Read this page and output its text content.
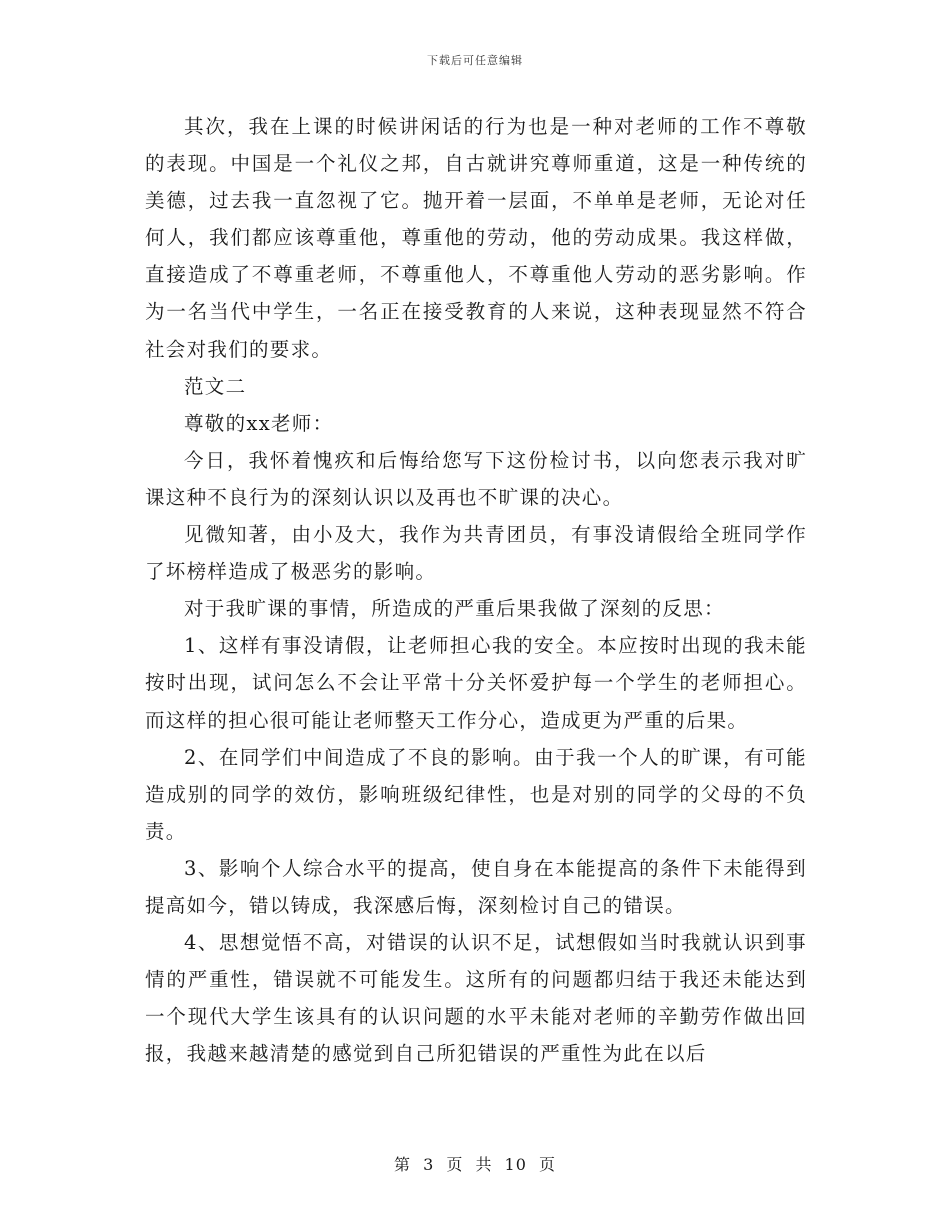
下载后可任意编辑

其次，我在上课的时候讲闲话的行为也是一种对老师的工作不尊敬的表现。中国是一个礼仪之邦，自古就讲究尊师重道，这是一种传统的美德，过去我一直忽视了它。抛开着一层面，不单单是老师，无论对任何人，我们都应该尊重他，尊重他的劳动，他的劳动成果。我这样做，直接造成了不尊重老师，不尊重他人，不尊重他人劳动的恶劣影响。作为一名当代中学生，一名正在接受教育的人来说，这种表现显然不符合社会对我们的要求。

范文二

尊敬的xx老师：

今日，我怀着愧疚和后悔给您写下这份检讨书，以向您表示我对旷课这种不良行为的深刻认识以及再也不旷课的决心。

见微知著，由小及大，我作为共青团员，有事没请假给全班同学作了坏榜样造成了极恶劣的影响。

对于我旷课的事情，所造成的严重后果我做了深刻的反思：

1、这样有事没请假，让老师担心我的安全。本应按时出现的我未能按时出现，试问怎么不会让平常十分关怀爱护每一个学生的老师担心。而这样的担心很可能让老师整天工作分心，造成更为严重的后果。

2、在同学们中间造成了不良的影响。由于我一个人的旷课，有可能造成别的同学的效仿，影响班级纪律性，也是对别的同学的父母的不负责。

3、影响个人综合水平的提高，使自身在本能提高的条件下未能得到提高如今，错以铸成，我深感后悔，深刻检讨自己的错误。

4、思想觉悟不高，对错误的认识不足，试想假如当时我就认识到事情的严重性，错误就不可能发生。这所有的问题都归结于我还未能达到一个现代大学生该具有的认识问题的水平未能对老师的辛勤劳作做出回报，我越来越清楚的感觉到自己所犯错误的严重性为此在以后

第 3 页 共 10 页
